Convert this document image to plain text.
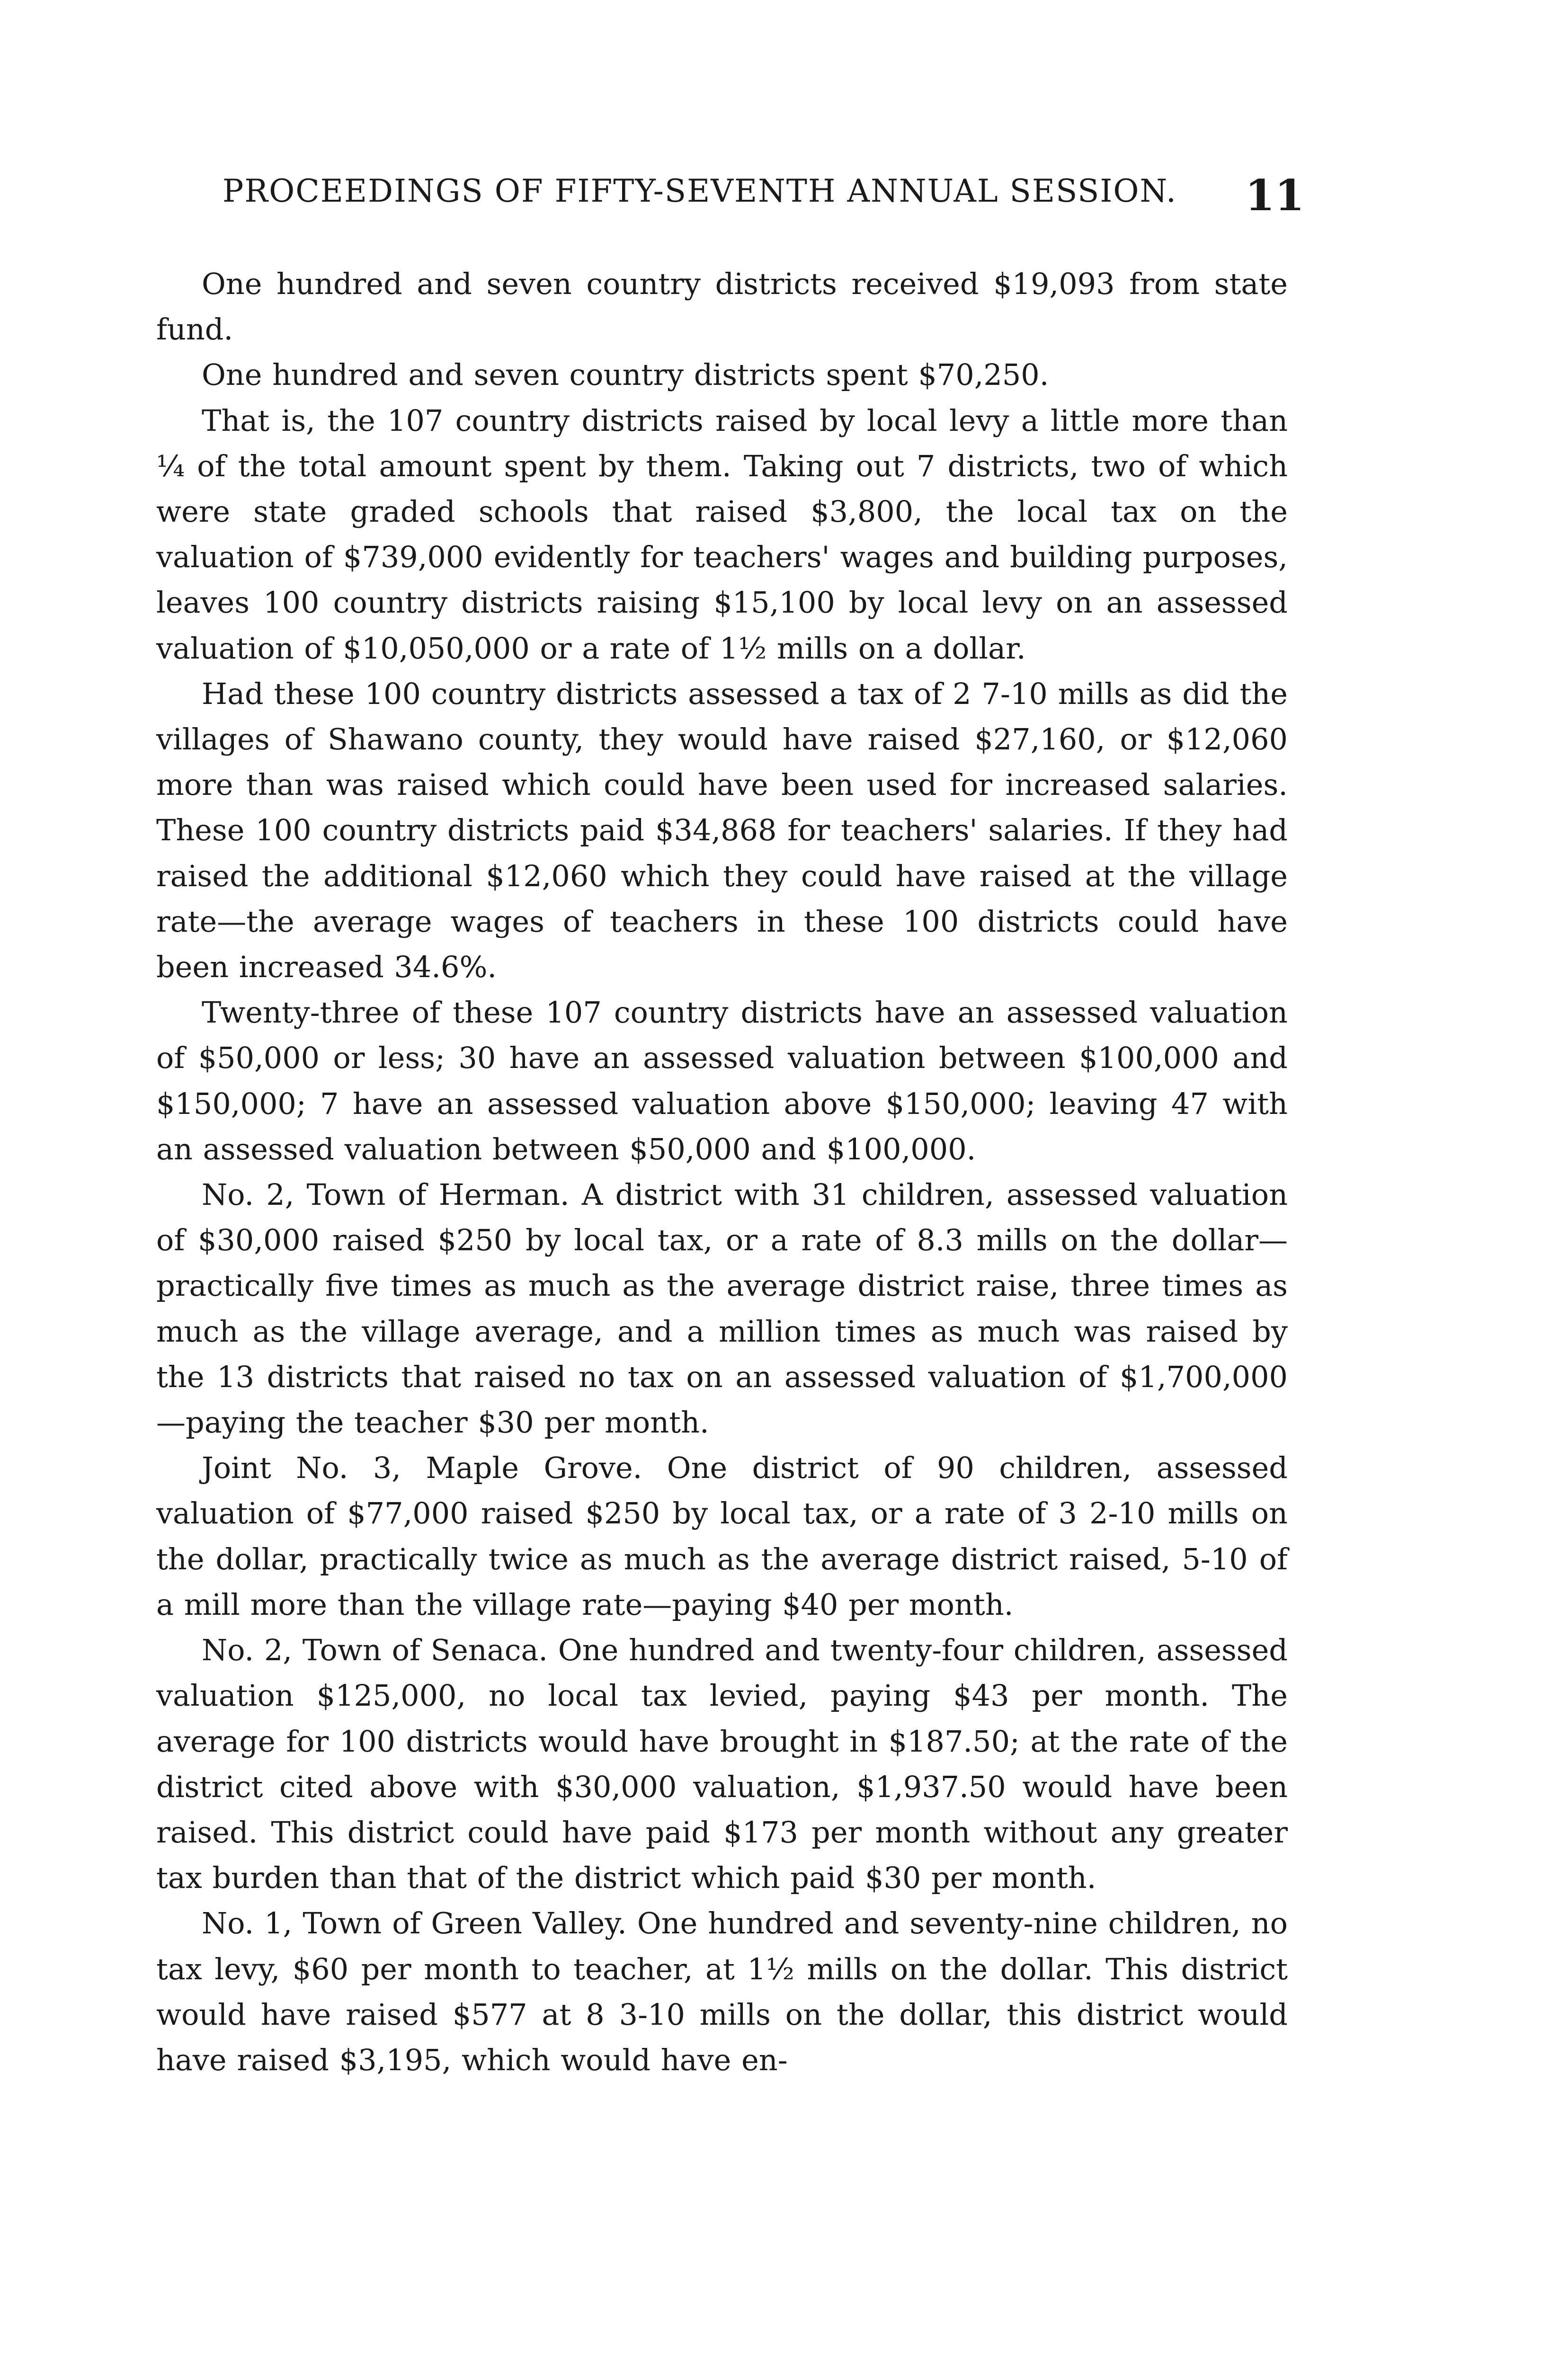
PROCEEDINGS OF FIFTY-SEVENTH ANNUAL SESSION.	11

One hundred and seven country districts received $19,093 from state fund.

One hundred and seven country districts spent $70,250.

That is, the 107 country districts raised by local levy a little more than ¼ of the total amount spent by them. Taking out 7 districts, two of which were state graded schools that raised $3,800, the local tax on the valuation of $739,000 evidently for teachers' wages and building purposes, leaves 100 country districts raising $15,100 by local levy on an assessed valuation of $10,050,000 or a rate of 1½ mills on a dollar.

Had these 100 country districts assessed a tax of 2 7-10 mills as did the villages of Shawano county, they would have raised $27,160, or $12,060 more than was raised which could have been used for increased salaries. These 100 country districts paid $34,868 for teachers' salaries. If they had raised the additional $12,060 which they could have raised at the village rate—the average wages of teachers in these 100 districts could have been increased 34.6%.

Twenty-three of these 107 country districts have an assessed valuation of $50,000 or less; 30 have an assessed valuation between $100,000 and $150,000; 7 have an assessed valuation above $150,000; leaving 47 with an assessed valuation between $50,000 and $100,000.

No. 2, Town of Herman. A district with 31 children, assessed valuation of $30,000 raised $250 by local tax, or a rate of 8.3 mills on the dollar—practically five times as much as the average district raise, three times as much as the village average, and a million times as much was raised by the 13 districts that raised no tax on an assessed valuation of $1,700,000—paying the teacher $30 per month.

Joint No. 3, Maple Grove. One district of 90 children, assessed valuation of $77,000 raised $250 by local tax, or a rate of 3 2-10 mills on the dollar, practically twice as much as the average district raised, 5-10 of a mill more than the village rate—paying $40 per month.

No. 2, Town of Senaca. One hundred and twenty-four children, assessed valuation $125,000, no local tax levied, paying $43 per month. The average for 100 districts would have brought in $187.50; at the rate of the district cited above with $30,000 valuation, $1,937.50 would have been raised. This district could have paid $173 per month without any greater tax burden than that of the district which paid $30 per month.

No. 1, Town of Green Valley. One hundred and seventy-nine children, no tax levy, $60 per month to teacher, at 1½ mills on the dollar. This district would have raised $577 at 8 3-10 mills on the dollar, this district would have raised $3,195, which would have en-
